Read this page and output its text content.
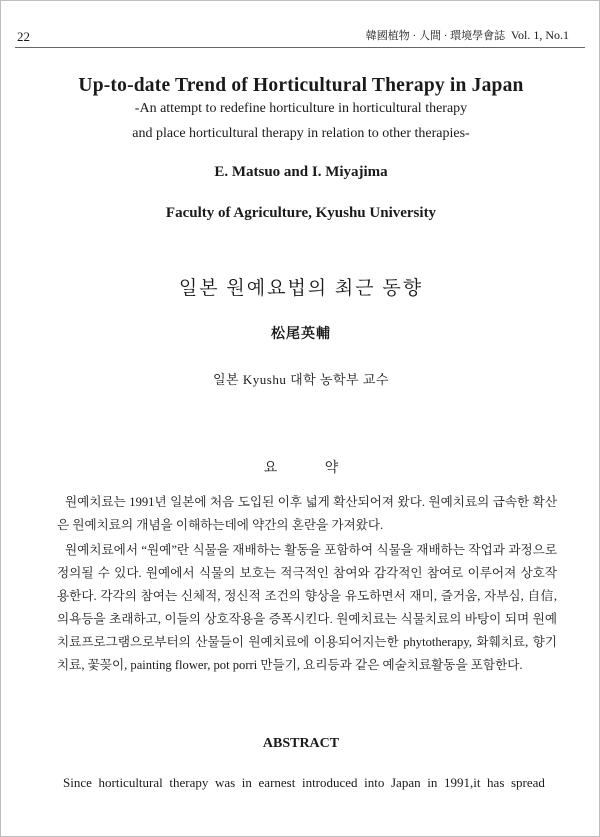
22	韓國植物 · 人間 · 環境學會誌 Vol. 1, No.1
Up-to-date Trend of Horticultural Therapy in Japan
-An attempt to redefine horticulture in horticultural therapy
and place horticultural therapy in relation to other therapies-
E. Matsuo and I. Miyajima
Faculty of Agriculture, Kyushu University
일본 원예요법의 최근 동향
松尾英輔
일본 Kyushu 대학 농학부 교수
요 약

원예치료는 1991년 일본에 처음 도입된 이후 넓게 확산되어져 왔다. 원예치료의 급속한 확산은 원예치료의 개념을 이해하는데에 약간의 혼란을 가져왔다.

원예치료에서 “원예”란 식물을 재배하는 활동을 포함하여 식물을 재배하는 작업과 과정으로 정의될 수 있다. 원예에서 식물의 보호는 적극적인 참여와 감각적인 참여로 이루어져 상호작용한다. 각각의 참여는 신체적, 정신적 조건의 향상을 유도하면서 재미, 즐거움, 자부심, 自信, 의욕등을 초래하고, 이들의 상호작용을 증폭시킨다. 원예치료는 식물치료의 바탕이 되며 원예치료프로그램으로부터의 산물들이 원예치료에 이용되어지는한 phytotherapy, 화훼치료, 향기치료, 꽃꽂이, painting flower, pot porri 만들기, 요리등과 같은 예술치료활동을 포함한다.

ABSTRACT
Since horticultural therapy was in earnest introduced into Japan in 1991,it has spread
